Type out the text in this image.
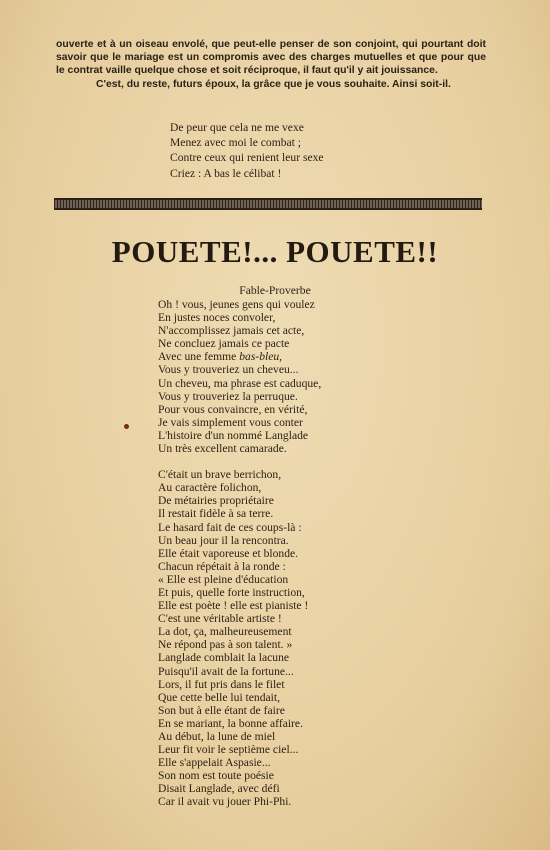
ouverte et à un oiseau envolé, que peut-elle penser de son conjoint, qui pourtant doit savoir que le mariage est un compromis avec des charges mutuelles et que pour que le contrat vaille quelque chose et soit réciproque, il faut qu'il y ait jouissance.

C'est, du reste, futurs époux, la grâce que je vous souhaite. Ainsi soit-il.

De peur que cela ne me vexe
Menez avec moi le combat ;
Contre ceux qui renient leur sexe
Criez : A bas le célibat !
POUETE!... POUETE!!
Fable-Proverbe
Oh ! vous, jeunes gens qui voulez
En justes noces convoler,
N'accomplissez jamais cet acte,
Ne concluez jamais ce pacte
Avec une femme bas-bleu,
Vous y trouveriez un cheveu...
Un cheveu, ma phrase est caduque,
Vous y trouveriez la perruque.
Pour vous convaincre, en vérité,
Je vais simplement vous conter
L'histoire d'un nommé Langlade
Un très excellent camarade.
C'était un brave berrichon,
Au caractère folichon,
De métairies propriétaire
Il restait fidèle à sa terre.
Le hasard fait de ces coups-là :
Un beau jour il la rencontra.
Elle était vaporeuse et blonde.
Chacun répétait à la ronde :
« Elle est pleine d'éducation
Et puis, quelle forte instruction,
Elle est poète ! elle est pianiste !
C'est une véritable artiste !
La dot, ça, malheureusement
Ne répond pas à son talent. »
Langlade comblait la lacune
Puisqu'il avait de la fortune...
Lors, il fut pris dans le filet
Que cette belle lui tendait,
Son but à elle étant de faire
En se mariant, la bonne affaire.
Au début, la lune de miel
Leur fit voir le septième ciel...
Elle s'appelait Aspasie...
Son nom est toute poésie
Disait Langlade, avec défi
Car il avait vu jouer Phi-Phi.
